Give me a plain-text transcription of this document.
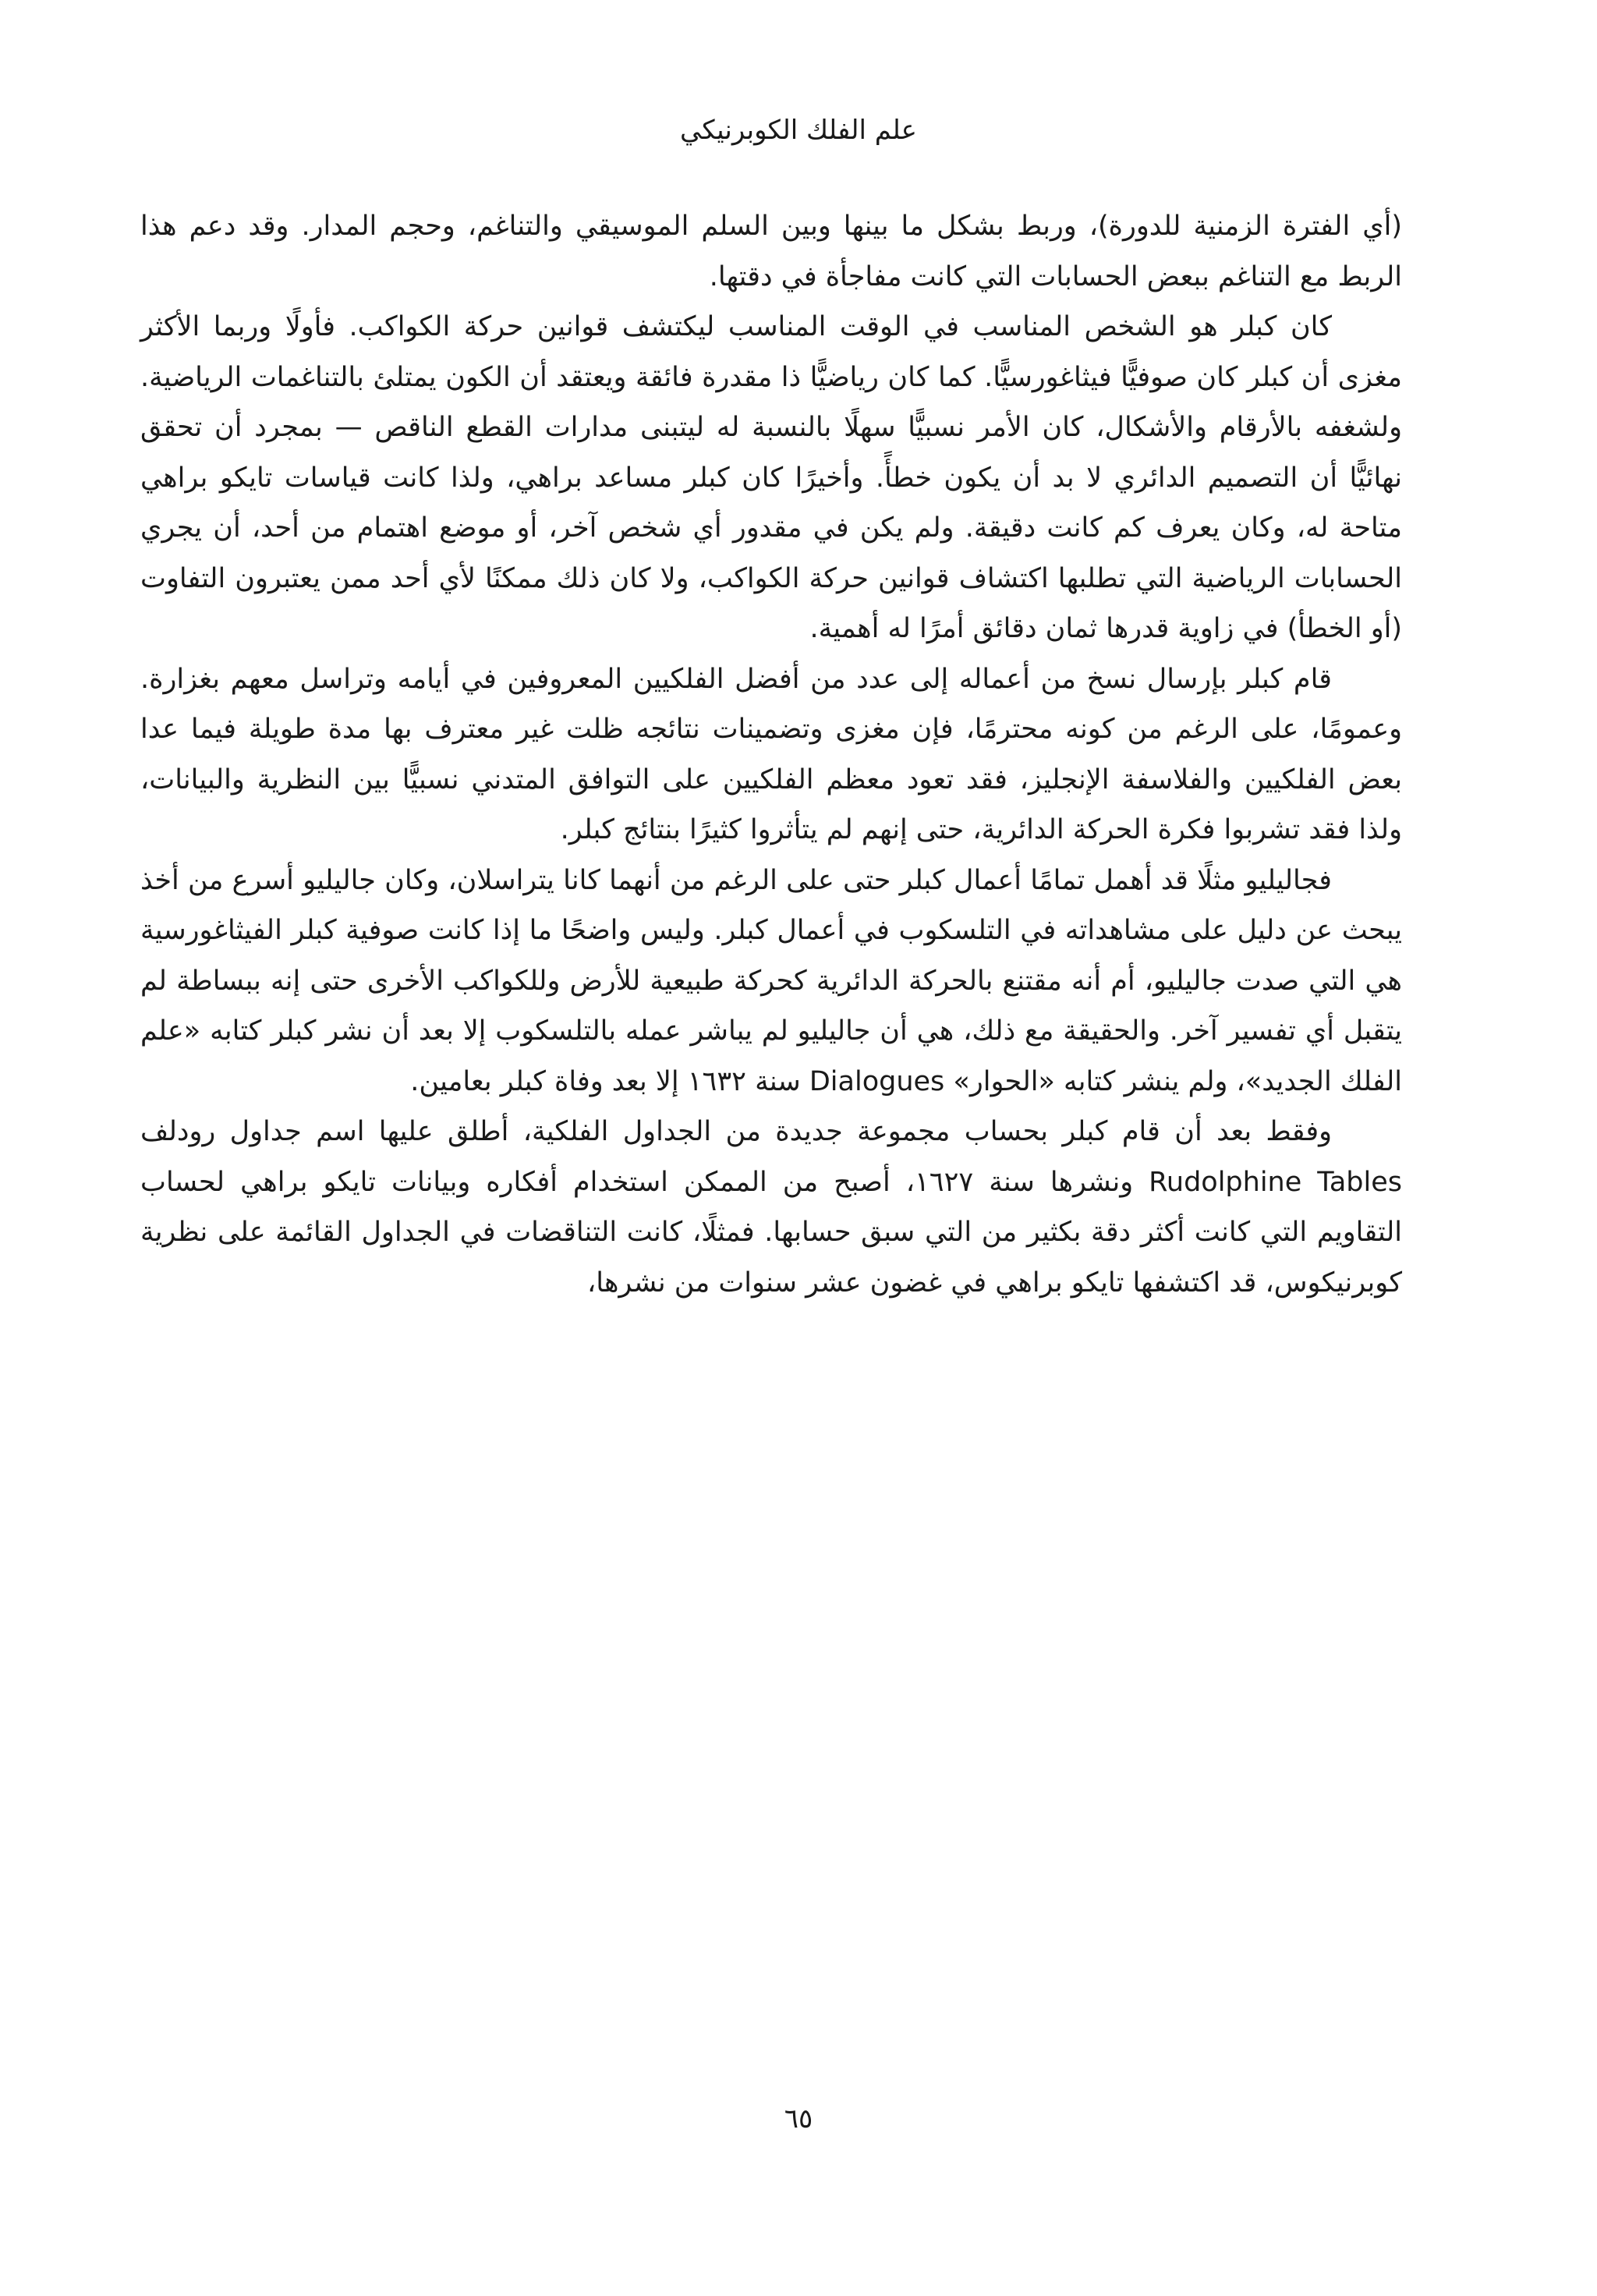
علم الفلك الكوبرنيكي

(أي الفترة الزمنية للدورة)، وربط بشكل ما بينها وبين السلم الموسيقي والتناغم، وحجم المدار. وقد دعم هذا الربط مع التناغم ببعض الحسابات التي كانت مفاجأة في دقتها.

كان كبلر هو الشخص المناسب في الوقت المناسب ليكتشف قوانين حركة الكواكب. فأولًا وربما الأكثر مغزى أن كبلر كان صوفيًّا فيثاغورسيًّا. كما كان رياضيًّا ذا مقدرة فائقة ويعتقد أن الكون يمتلئ بالتناغمات الرياضية. ولشغفه بالأرقام والأشكال، كان الأمر نسبيًّا سهلًا بالنسبة له ليتبنى مدارات القطع الناقص — بمجرد أن تحقق نهائيًّا أن التصميم الدائري لا بد أن يكون خطأً. وأخيرًا كان كبلر مساعد براهي، ولذا كانت قياسات تايكو براهي متاحة له، وكان يعرف كم كانت دقيقة. ولم يكن في مقدور أي شخص آخر، أو موضع اهتمام من أحد، أن يجري الحسابات الرياضية التي تطلبها اكتشاف قوانين حركة الكواكب، ولا كان ذلك ممكنًا لأي أحد ممن يعتبرون التفاوت (أو الخطأ) في زاوية قدرها ثمان دقائق أمرًا له أهمية.

قام كبلر بإرسال نسخ من أعماله إلى عدد من أفضل الفلكيين المعروفين في أيامه وتراسل معهم بغزارة. وعمومًا، على الرغم من كونه محترمًا، فإن مغزى وتضمينات نتائجه ظلت غير معترف بها مدة طويلة فيما عدا بعض الفلكيين والفلاسفة الإنجليز، فقد تعود معظم الفلكيين على التوافق المتدني نسبيًّا بين النظرية والبيانات، ولذا فقد تشربوا فكرة الحركة الدائرية، حتى إنهم لم يتأثروا كثيرًا بنتائج كبلر.

فجاليليو مثلًا قد أهمل تمامًا أعمال كبلر حتى على الرغم من أنهما كانا يتراسلان، وكان جاليليو أسرع من أخذ يبحث عن دليل على مشاهداته في التلسكوب في أعمال كبلر. وليس واضحًا ما إذا كانت صوفية كبلر الفيثاغورسية هي التي صدت جاليليو، أم أنه مقتنع بالحركة الدائرية كحركة طبيعية للأرض وللكواكب الأخرى حتى إنه ببساطة لم يتقبل أي تفسير آخر. والحقيقة مع ذلك، هي أن جاليليو لم يباشر عمله بالتلسكوب إلا بعد أن نشر كبلر كتابه «علم الفلك الجديد»، ولم ينشر كتابه «الحوار» Dialogues سنة ١٦٣٢ إلا بعد وفاة كبلر بعامين.

وفقط بعد أن قام كبلر بحساب مجموعة جديدة من الجداول الفلكية، أطلق عليها اسم جداول رودلف Rudolphine Tables ونشرها سنة ١٦٢٧، أصبح من الممكن استخدام أفكاره وبيانات تايكو براهي لحساب التقاويم التي كانت أكثر دقة بكثير من التي سبق حسابها. فمثلًا، كانت التناقضات في الجداول القائمة على نظرية كوبرنيكوس، قد اكتشفها تايكو براهي في غضون عشر سنوات من نشرها،

٦٥
